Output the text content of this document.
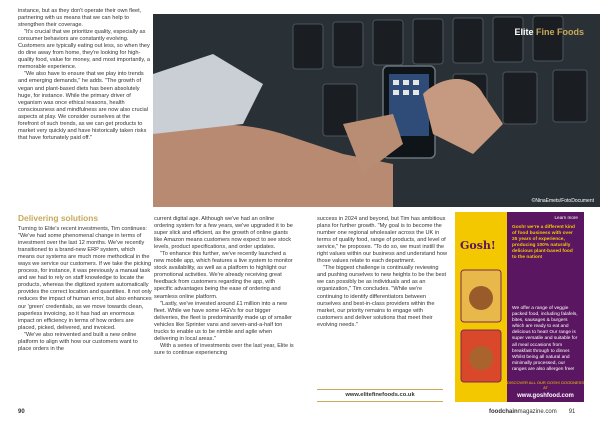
instance, but as they don't operate their own fleet, partnering with us means that we can help to strengthen their coverage.

"It's crucial that we prioritize quality, especially as consumer behaviors are constantly evolving. Customers are typically eating out less, so when they do dine away from home, they're looking for high-quality food, value for money, and most importantly, a memorable experience.

"We also have to ensure that we play into trends and emerging demands," he adds. "The growth of vegan and plant-based diets has been absolutely huge, for instance. While the primary driver of veganism was once ethical reasons, health consciousness and mindfulness are now also crucial aspects at play. We consider ourselves at the forefront of such trends, as we can get products to market very quickly and have historically taken risks that have fortunately paid off."

Delivering solutions

Turning to Elite's recent investments, Tim continues: "We've had some phenomenal change in terms of investment over the last 12 months. We've recently transitioned to a brand-new ERP system, which means our systems are much more methodical in the ways we service our customers. If we take the picking process, for instance, it was previously a manual task and we had to rely on staff knowledge to locate the products, whereas the digitized system automatically provides the correct location and quantities. It not only reduces the impact of human error, but also enhances our 'green' credentials, as we move towards clean, paperless invoicing, so it has had an enormous impact on efficiency in terms of how orders are placed, picked, delivered, and invoiced.

"We've also reinvented and built a new online platform to align with how our customers want to place orders in the

Elite Fine Foods
©NinaEmets/FotoDocument

current digital age. Although we've had an online ordering system for a few years, we've upgraded it to be super slick and efficient, as the growth of online giants like Amazon means customers now expect to see stock levels, product specifications, and order updates.

"To enhance this further, we've recently launched a new mobile app, which features a live system to monitor stock availability, as well as a platform to highlight our promotional activities. We're already receiving great feedback from customers regarding the app, with specific advantages being the ease of ordering and seamless online platform.

"Lastly, we've invested around £1 million into a new fleet. While we have some HGVs for our bigger deliveries, the fleet is predominantly made up of smaller vehicles like Sprinter vans and seven-and-a-half ton trucks to enable us to be nimble and agile when delivering in local areas."

With a series of investments over the last year, Elite is sure to continue experiencing

success in 2024 and beyond, but Tim has ambitious plans for further growth. "My goal is to become the number one regional wholesaler across the UK in terms of quality food, range of products, and level of service," he proposes. "To do so, we must instill the right values within our business and understand how those values relate to each department.

"The biggest challenge is continually reviewing and pushing ourselves to new heights to be the best we can possibly be as individuals and as an organization," Tim concludes. "While we're continuing to identify differentiators between ourselves and best-in-class providers within the market, our priority remains to engage with customers and deliver solutions that meet their evolving needs."

www.elitefinefoods.co.uk
Gosh!
Learn more
Gosh! we're a different kind of food business with over 25 years of experience, producing 100% naturally delicious plant-based food to the nation!
We offer a range of veggie packed food, including falafels, bites, sausages & burgers which are ready to eat and delicious to heat! Our range is super versatile and suitable for all meal occasions from breakfast through to dinner. Whilst being all natural and minimally processed, our ranges are also allergen free!
DISCOVER ALL OUR GOSH! GOODNESS AT
www.goshfood.com
90	foodchainmagazine.com 91
